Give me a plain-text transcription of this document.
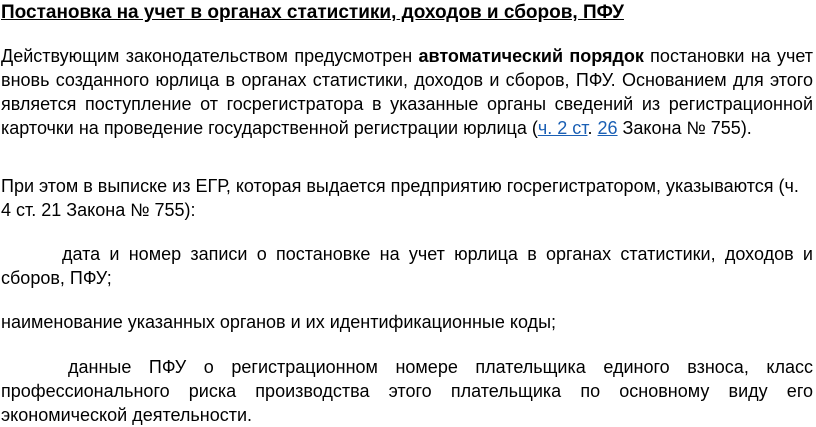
Постановка на учет в органах статистики, доходов и сборов, ПФУ

Действующим законодательством предусмотрен автоматический порядок постановки на учет вновь созданного юрлица в органах статистики, доходов и сборов, ПФУ. Основанием для этого является поступление от госрегистратора в указанные органы сведений из регистрационной карточки на проведение государственной регистрации юрлица (ч. 2 ст. 26 Закона № 755).

При этом в выписке из ЕГР, которая выдается предприятию госрегистратором, указываются (ч. 4 ст. 21 Закона № 755):

дата и номер записи о постановке на учет юрлица в органах статистики, доходов и сборов, ПФУ;

наименование указанных органов и их идентификационные коды;

данные ПФУ о регистрационном номере плательщика единого взноса, класс профессионального риска производства этого плательщика по основному виду его экономической деятельности.
